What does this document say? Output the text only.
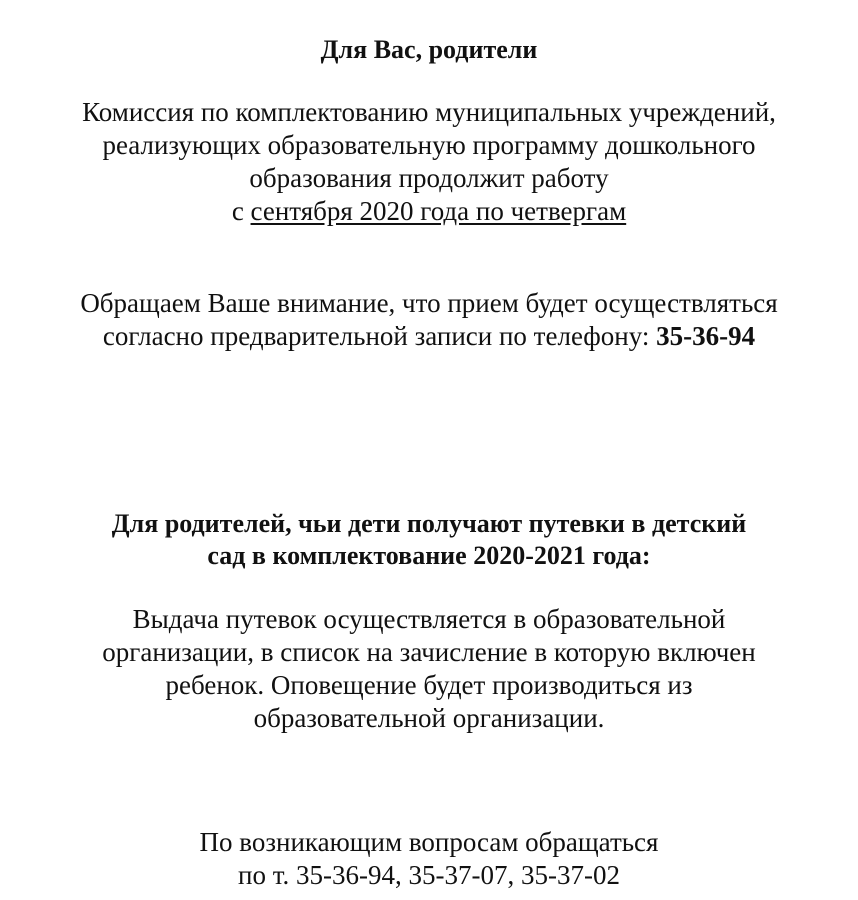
Для Вас, родители
Комиссия по комплектованию муниципальных учреждений,
реализующих образовательную программу дошкольного
образования продолжит работу
с сентября 2020 года по четвергам
Обращаем Ваше внимание, что прием будет осуществляться
согласно предварительной записи по телефону: 35-36-94
Для родителей, чьи дети получают путевки в детский
сад в комплектование 2020-2021 года:
Выдача путевок осуществляется в образовательной
организации, в список на зачисление в которую включен
ребенок. Оповещение будет производиться из
образовательной организации.
По возникающим вопросам обращаться
по т. 35-36-94, 35-37-07, 35-37-02
